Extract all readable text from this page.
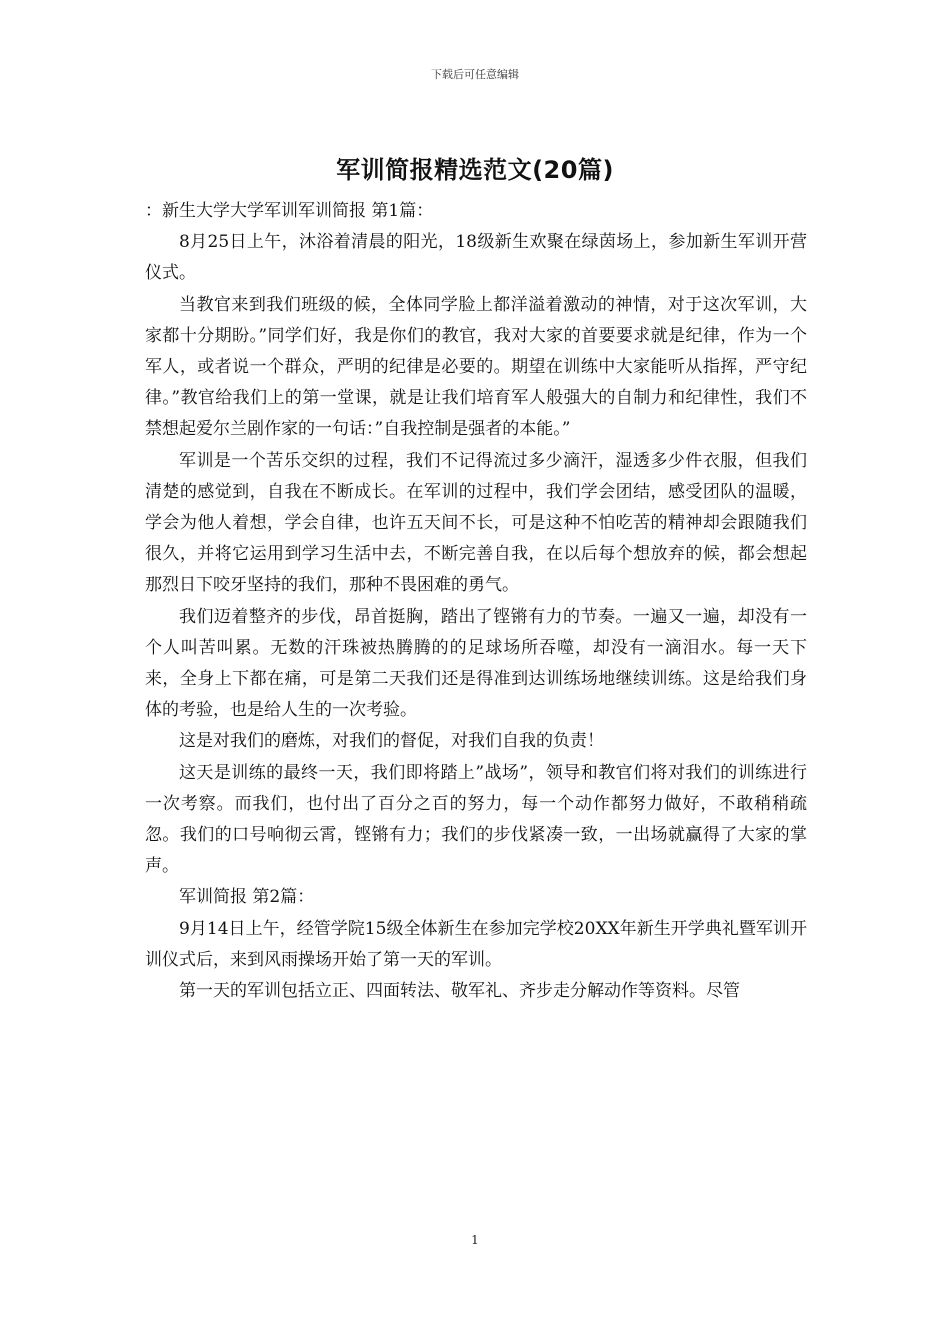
下载后可任意编辑
军训简报精选范文(20篇)

：新生大学大学军训军训简报 第1篇：

8月25日上午，沐浴着清晨的阳光，18级新生欢聚在绿茵场上，参加新生军训开营仪式。

当教官来到我们班级的候，全体同学脸上都洋溢着激动的神情，对于这次军训，大家都十分期盼。”同学们好，我是你们的教官，我对大家的首要要求就是纪律，作为一个军人，或者说一个群众，严明的纪律是必要的。期望在训练中大家能听从指挥，严守纪律。”教官给我们上的第一堂课，就是让我们培育军人般强大的自制力和纪律性，我们不禁想起爱尔兰剧作家的一句话：”自我控制是强者的本能。”

军训是一个苦乐交织的过程，我们不记得流过多少滴汗，湿透多少件衣服，但我们清楚的感觉到，自我在不断成长。在军训的过程中，我们学会团结，感受团队的温暖，学会为他人着想，学会自律，也许五天间不长，可是这种不怕吃苦的精神却会跟随我们很久，并将它运用到学习生活中去，不断完善自我，在以后每个想放弃的候，都会想起那烈日下咬牙坚持的我们，那种不畏困难的勇气。

我们迈着整齐的步伐，昂首挺胸，踏出了铿锵有力的节奏。一遍又一遍，却没有一个人叫苦叫累。无数的汗珠被热腾腾的的足球场所吞噬，却没有一滴泪水。每一天下来，全身上下都在痛，可是第二天我们还是得准到达训练场地继续训练。这是给我们身体的考验，也是给人生的一次考验。

这是对我们的磨炼，对我们的督促，对我们自我的负责！

这天是训练的最终一天，我们即将踏上”战场”，领导和教官们将对我们的训练进行一次考察。而我们，也付出了百分之百的努力，每一个动作都努力做好，不敢稍稍疏忽。我们的口号响彻云霄，铿锵有力；我们的步伐紧凑一致，一出场就赢得了大家的掌声。

军训简报 第2篇：

9月14日上午，经管学院15级全体新生在参加完学校20XX年新生开学典礼暨军训开训仪式后，来到风雨操场开始了第一天的军训。

第一天的军训包括立正、四面转法、敬军礼、齐步走分解动作等资料。尽管

1
